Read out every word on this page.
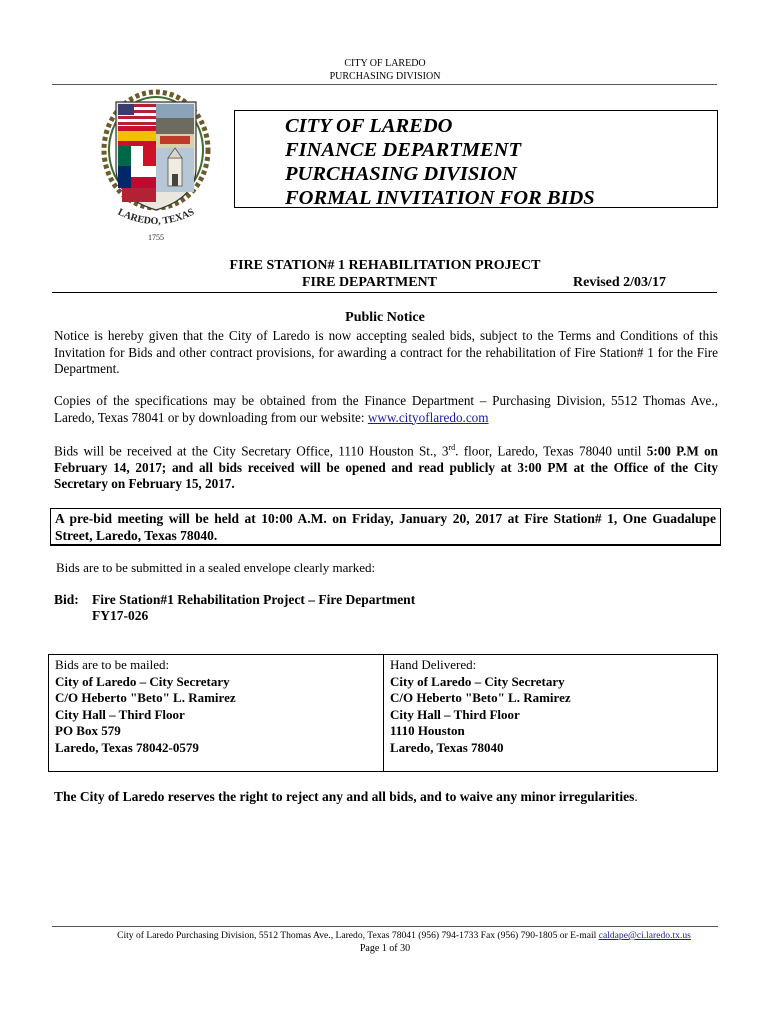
CITY OF LAREDO
PURCHASING DIVISION
LAREDO, TEXAS
1755
CITY OF LAREDO
FINANCE DEPARTMENT
PURCHASING DIVISION
FORMAL INVITATION FOR BIDS
FIRE STATION# 1 REHABILITATION PROJECT
FIRE DEPARTMENT	Revised 2/03/17
Public Notice
Notice is hereby given that the City of Laredo is now accepting sealed bids, subject to the Terms and Conditions of this Invitation for Bids and other contract provisions, for awarding a contract for the rehabilitation of Fire Station# 1 for the Fire Department.
Copies of the specifications may be obtained from the Finance Department – Purchasing Division, 5512 Thomas Ave., Laredo, Texas 78041 or by downloading from our website: www.cityoflaredo.com
Bids will be received at the City Secretary Office, 1110 Houston St., 3rd. floor, Laredo, Texas 78040 until 5:00 P.M on February 14, 2017; and all bids received will be opened and read publicly at 3:00 PM at the Office of the City Secretary on February 15, 2017.
A pre-bid meeting will be held at 10:00 A.M. on Friday, January 20, 2017 at Fire Station# 1, One Guadalupe Street, Laredo, Texas 78040.
Bids are to be submitted in a sealed envelope clearly marked:
Bid: Fire Station#1 Rehabilitation Project – Fire Department
FY17-026
Bids are to be mailed:
City of Laredo – City Secretary
C/O Heberto "Beto" L. Ramirez
City Hall – Third Floor
PO Box 579
Laredo, Texas 78042-0579
Hand Delivered:
City of Laredo – City Secretary
C/O Heberto "Beto" L. Ramirez
City Hall – Third Floor
1110 Houston
Laredo, Texas 78040
The City of Laredo reserves the right to reject any and all bids, and to waive any minor irregularities.
City of Laredo Purchasing Division, 5512 Thomas Ave., Laredo, Texas 78041 (956) 794-1733 Fax (956) 790-1805 or E-mail caldape@ci.laredo.tx.us
Page 1 of 30
